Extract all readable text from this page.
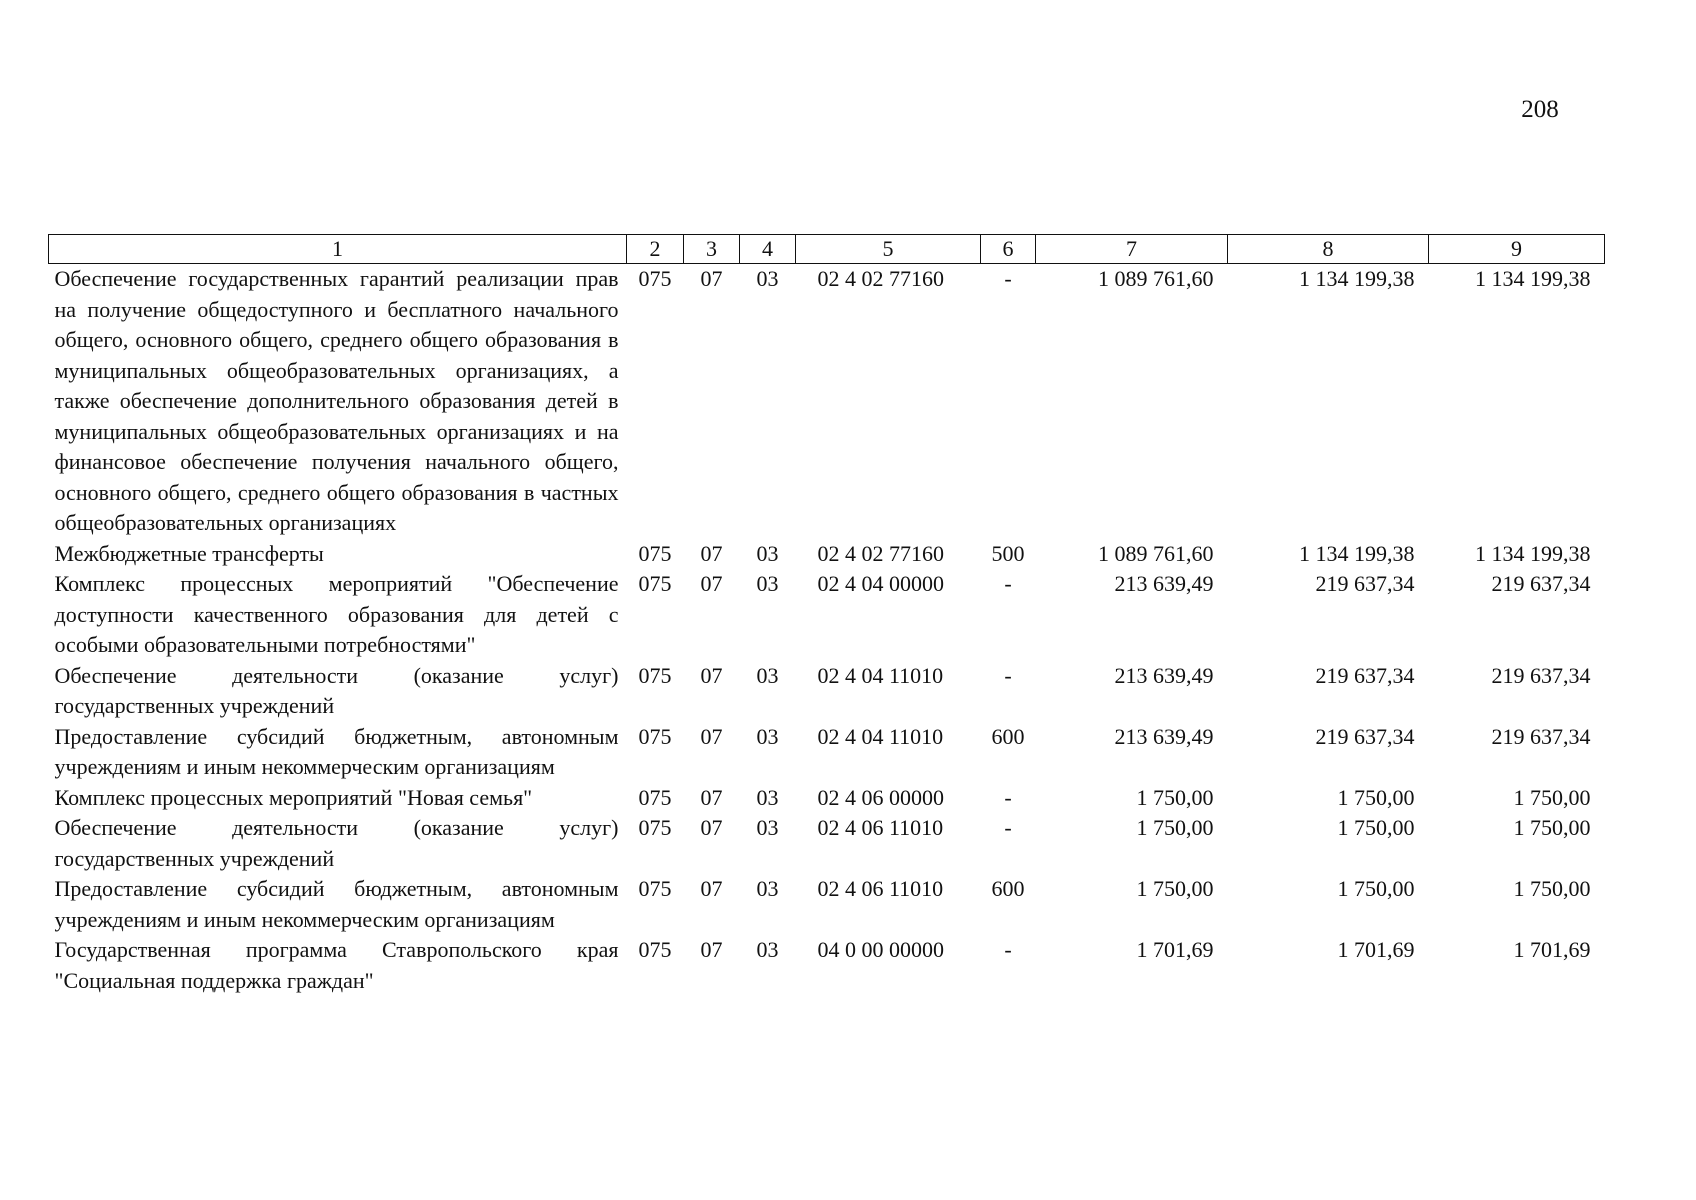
208
1	2	3	4	5	6	7	8	9
Обеспечение государственных гарантий реализации прав на получение общедоступного и бесплатного начального общего, основного общего, среднего общего образования в муниципальных общеобразовательных организациях, а также обеспечение дополнительного образования детей в муниципальных общеобразовательных организациях и на финансовое обеспечение получения начального общего, основного общего, среднего общего образования в частных общеобразовательных организациях	075	07	03	02 4 02 77160	-	1 089 761,60	1 134 199,38	1 134 199,38
Межбюджетные трансферты	075	07	03	02 4 02 77160	500	1 089 761,60	1 134 199,38	1 134 199,38
Комплекс процессных мероприятий "Обеспечение доступности качественного образования для детей с особыми образовательными потребностями"	075	07	03	02 4 04 00000	-	213 639,49	219 637,34	219 637,34
Обеспечение деятельности (оказание услуг) государственных учреждений	075	07	03	02 4 04 11010	-	213 639,49	219 637,34	219 637,34
Предоставление субсидий бюджетным, автономным учреждениям и иным некоммерческим организациям	075	07	03	02 4 04 11010	600	213 639,49	219 637,34	219 637,34
Комплекс процессных мероприятий "Новая семья"	075	07	03	02 4 06 00000	-	1 750,00	1 750,00	1 750,00
Обеспечение деятельности (оказание услуг) государственных учреждений	075	07	03	02 4 06 11010	-	1 750,00	1 750,00	1 750,00
Предоставление субсидий бюджетным, автономным учреждениям и иным некоммерческим организациям	075	07	03	02 4 06 11010	600	1 750,00	1 750,00	1 750,00
Государственная программа Ставропольского края "Социальная поддержка граждан"	075	07	03	04 0 00 00000	-	1 701,69	1 701,69	1 701,69
